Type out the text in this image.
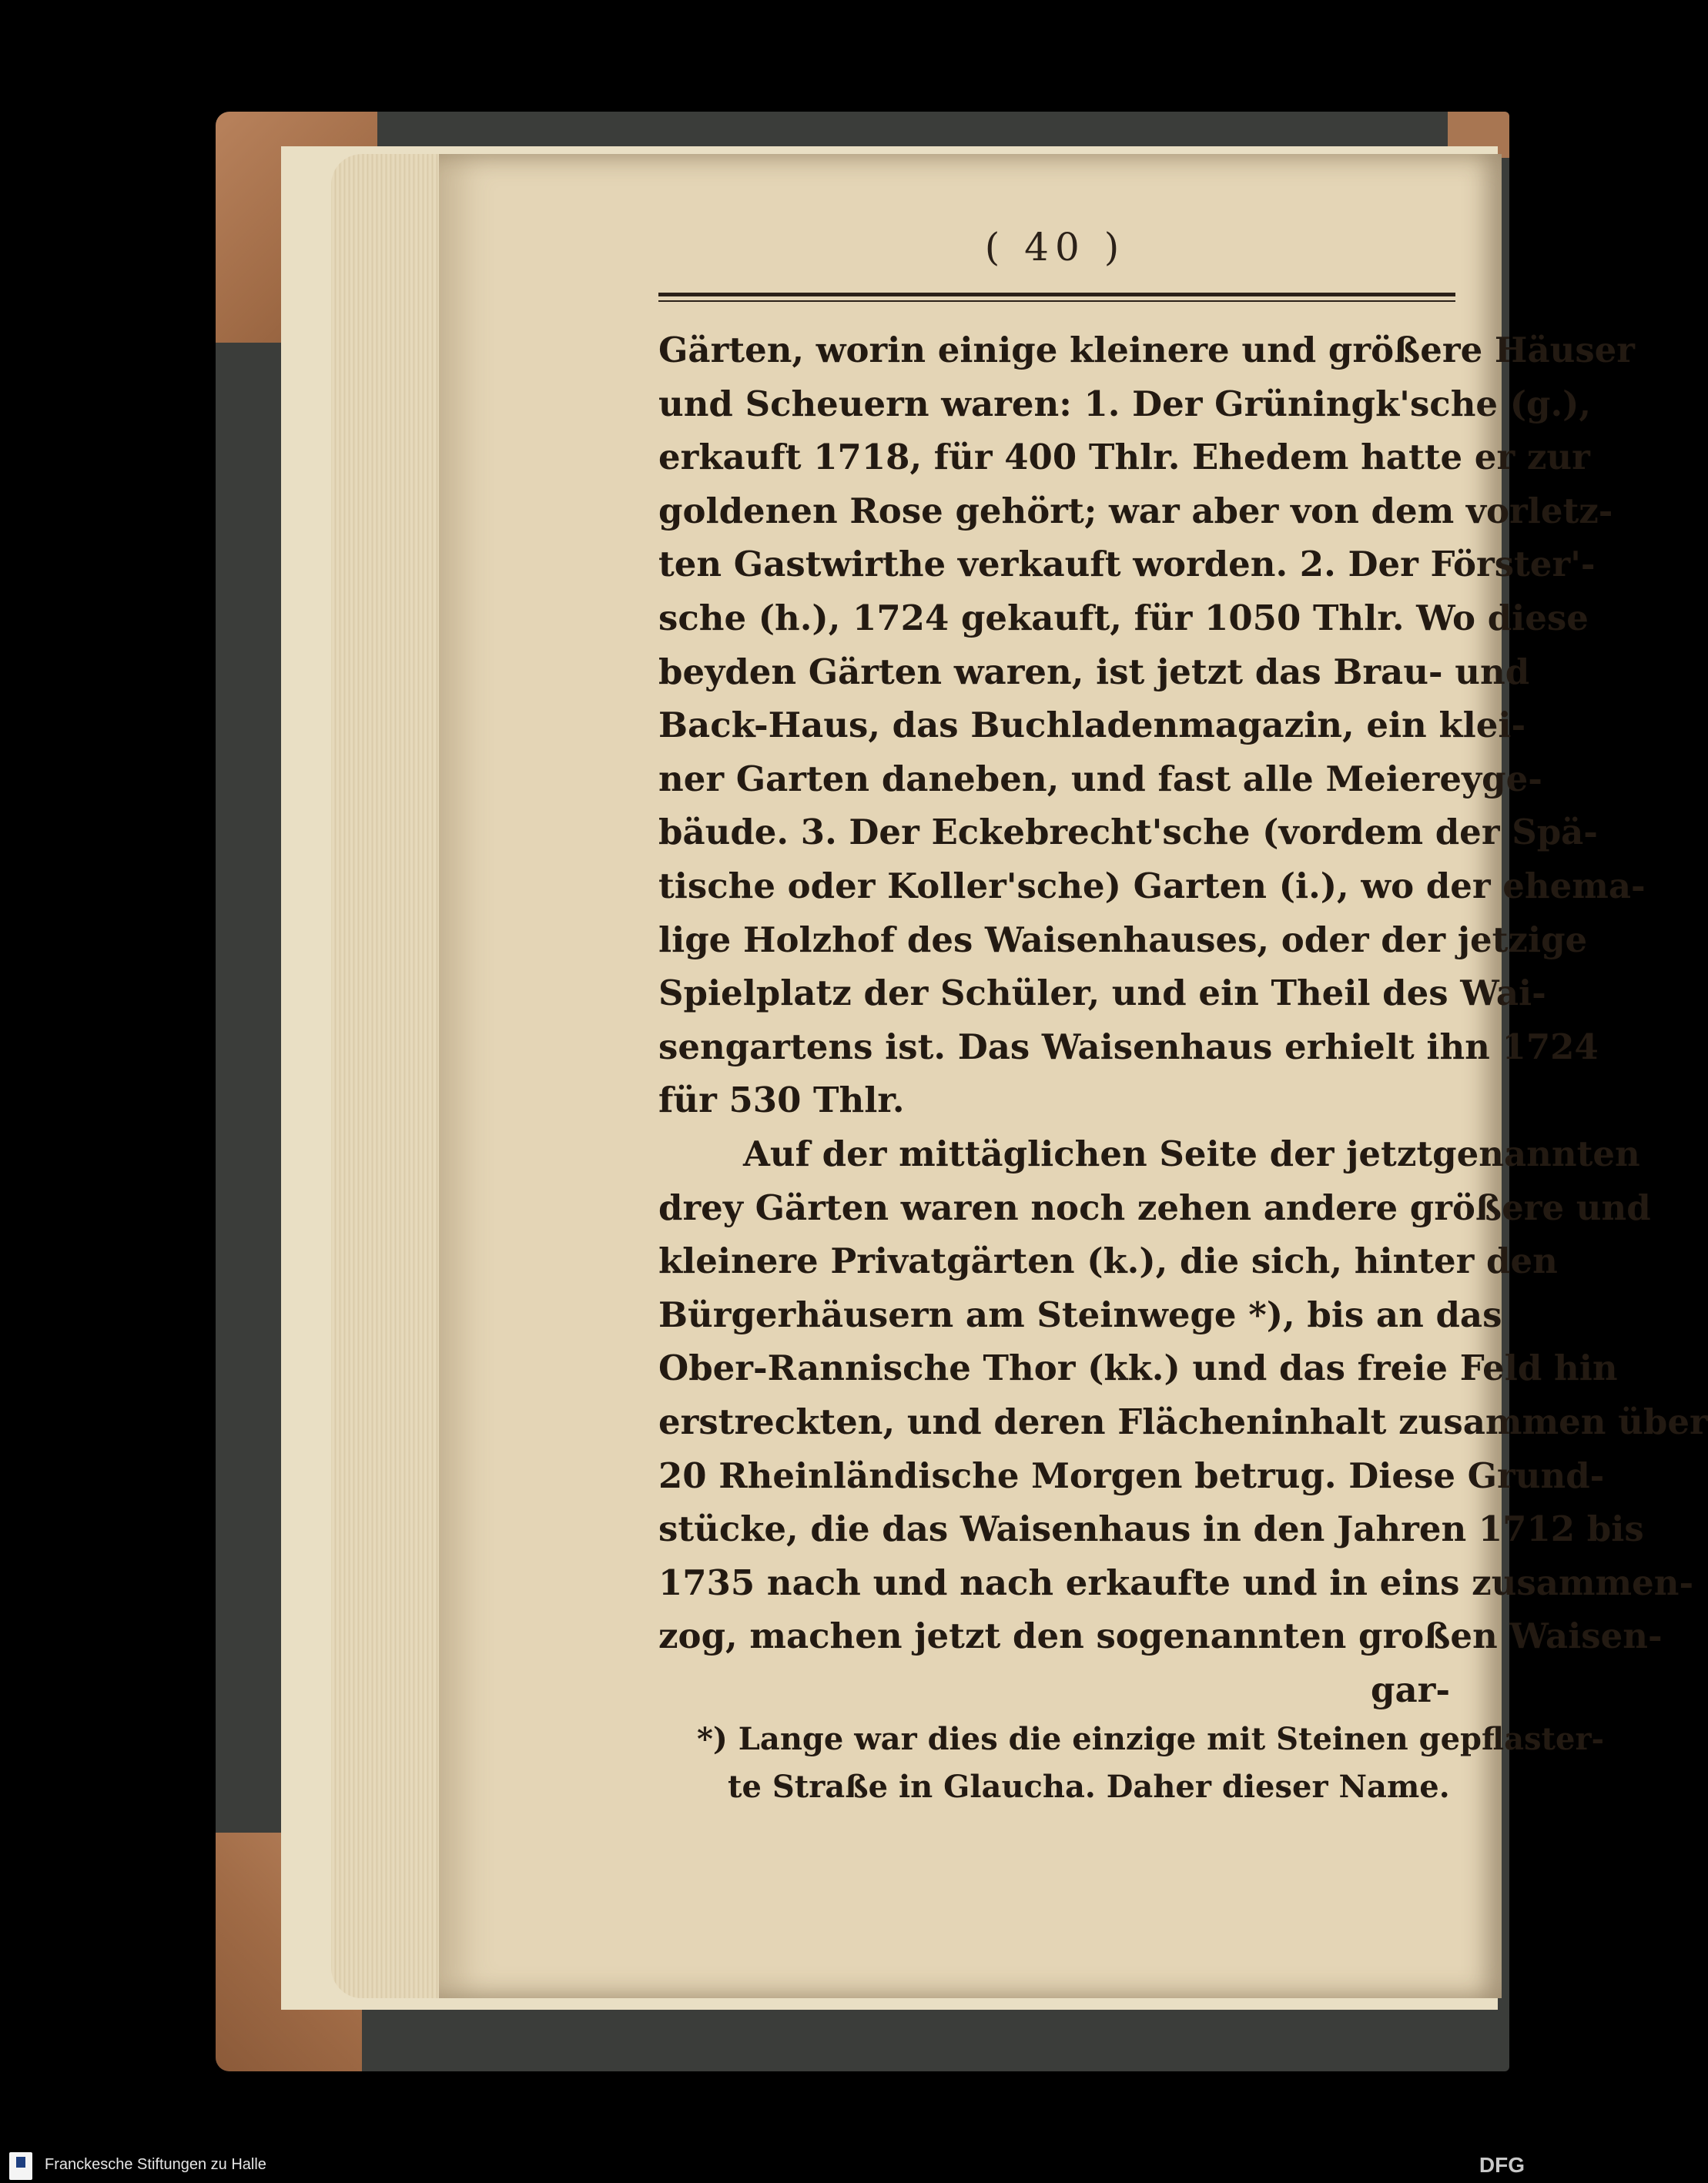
( 40 )
Gärten, worin einige kleinere und größere Häuser
und Scheuern waren: 1. Der Grüningk'sche (g.),
erkauft 1718, für 400 Thlr. Ehedem hatte er zur
goldenen Rose gehört; war aber von dem vorletz-
ten Gastwirthe verkauft worden. 2. Der Förster'-
sche (h.), 1724 gekauft, für 1050 Thlr. Wo diese
beyden Gärten waren, ist jetzt das Brau- und
Back-Haus, das Buchladenmagazin, ein klei-
ner Garten daneben, und fast alle Meiereyge-
bäude. 3. Der Eckebrecht'sche (vordem der Spä-
tische oder Koller'sche) Garten (i.), wo der ehema-
lige Holzhof des Waisenhauses, oder der jetzige
Spielplatz der Schüler, und ein Theil des Wai-
sengartens ist. Das Waisenhaus erhielt ihn 1724
für 530 Thlr.
Auf der mittäglichen Seite der jetztgenannten
drey Gärten waren noch zehen andere größere und
kleinere Privatgärten (k.), die sich, hinter den
Bürgerhäusern am Steinwege *), bis an das
Ober-Rannische Thor (kk.) und das freie Feld hin
erstreckten, und deren Flächeninhalt zusammen über
20 Rheinländische Morgen betrug. Diese Grund-
stücke, die das Waisenhaus in den Jahren 1712 bis
1735 nach und nach erkaufte und in eins zusammen-
zog, machen jetzt den sogenannten großen Waisen-
gar-
*) Lange war dies die einzige mit Steinen gepflaster-
te Straße in Glaucha. Daher dieser Name.
Franckesche Stiftungen zu Halle	DFG
